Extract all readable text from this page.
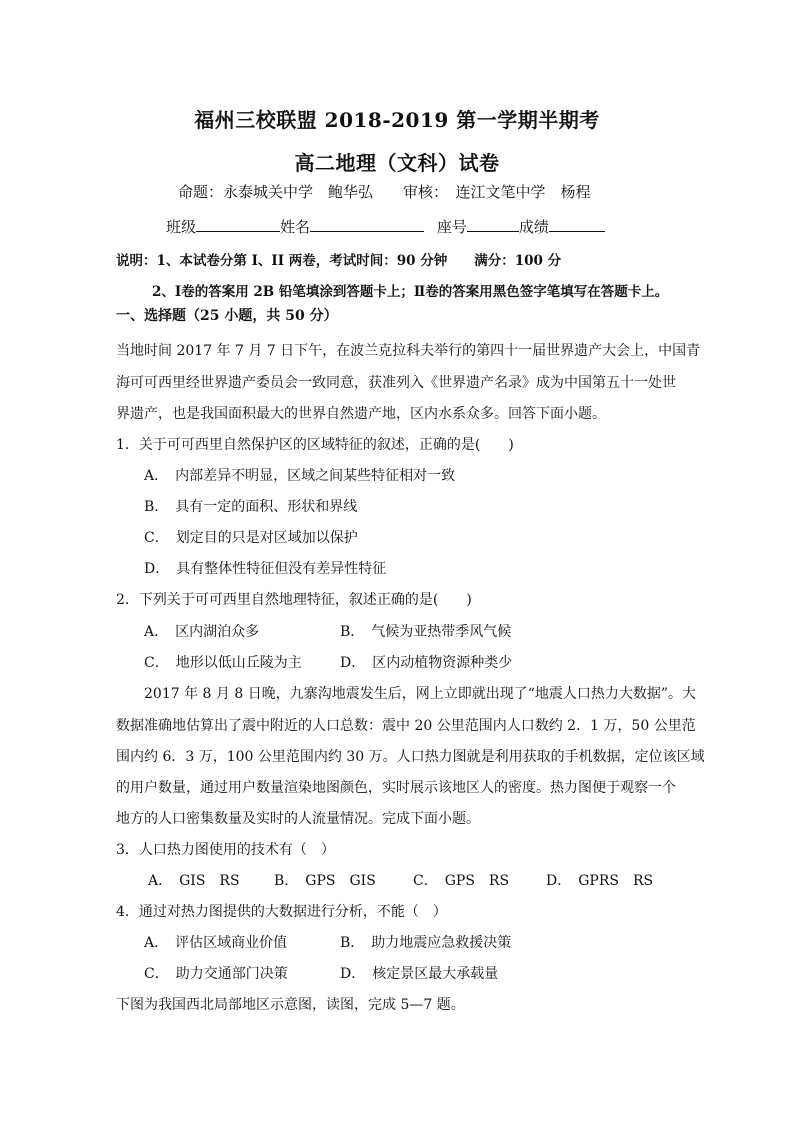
福州三校联盟 2018-2019 第一学期半期考
高二地理（文科）试卷
命题：永泰城关中学　鲍华弘　　审核：　连江文笔中学　杨程
班级	姓名	座号	成绩
说明：1、本试卷分第 I、II 两卷，考试时间：90 分钟　　满分：100 分
2、Ⅰ卷的答案用 2B 铅笔填涂到答题卡上；Ⅱ卷的答案用黑色签字笔填写在答题卡上。
一、选择题（25 小题，共 50 分）
当地时间 2017 年 7 月 7 日下午，在波兰克拉科夫举行的第四十一届世界遗产大会上，中国青
海可可西里经世界遗产委员会一致同意，获准列入《世界遗产名录》成为中国第五十一处世
界遗产，也是我国面积最大的世界自然遗产地，区内水系众多。回答下面小题。
1．关于可可西里自然保护区的区域特征的叙述，正确的是(　　)
A．　内部差异不明显，区域之间某些特征相对一致
B．　具有一定的面积、形状和界线
C．　划定目的只是对区域加以保护
D．　具有整体性特征但没有差异性特征
2．下列关于可可西里自然地理特征，叙述正确的是(　　)
A．　区内湖泊众多	B．　气候为亚热带季风气候
C．　地形以低山丘陵为主	D．　区内动植物资源种类少
2017 年 8 月 8 日晚，九寨沟地震发生后，网上立即就出现了“地震人口热力大数据”。大
数据准确地估算出了震中附近的人口总数：震中 20 公里范围内人口数约 2．1 万，50 公里范
围内约 6．3 万，100 公里范围内约 30 万。人口热力图就是利用获取的手机数据，定位该区域
的用户数量，通过用户数量渲染地图颜色，实时展示该地区人的密度。热力图便于观察一个
地方的人口密集数量及实时的人流量情况。完成下面小题。
3．人口热力图使用的技术有（　）
A．　GIS　RS B．　GPS　GIS	C．　GPS　RS	D．　GPRS　RS
4．通过对热力图提供的大数据进行分析，不能（　）
A．　评估区域商业价值	B．　助力地震应急救援决策
C．　助力交通部门决策	D．　核定景区最大承载量
下图为我国西北局部地区示意图，读图，完成 5—7 题。
